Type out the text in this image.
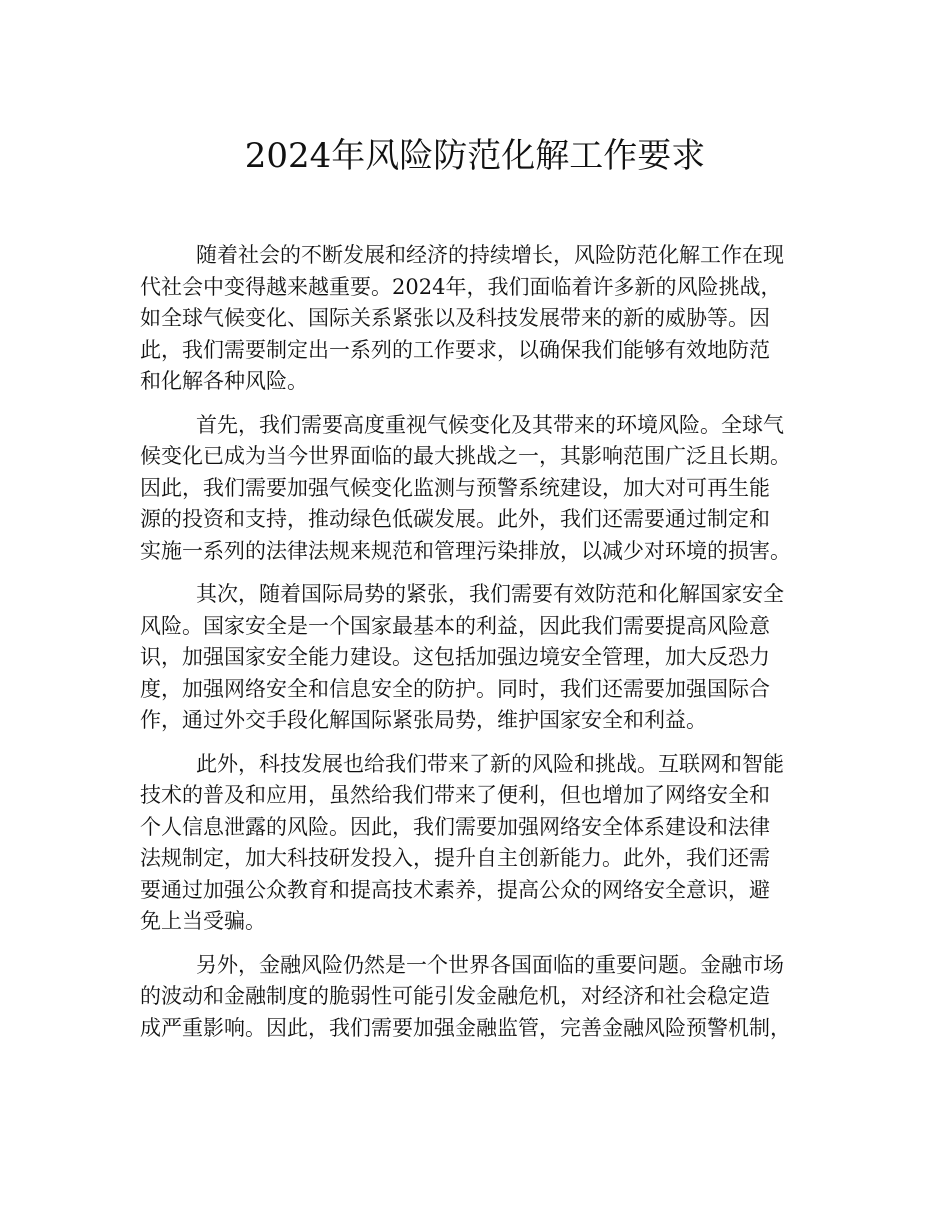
2024年风险防范化解工作要求

随着社会的不断发展和经济的持续增长，风险防范化解工作在现
代社会中变得越来越重要。2024年，我们面临着许多新的风险挑战，
如全球气候变化、国际关系紧张以及科技发展带来的新的威胁等。因
此，我们需要制定出一系列的工作要求，以确保我们能够有效地防范
和化解各种风险。

首先，我们需要高度重视气候变化及其带来的环境风险。全球气
候变化已成为当今世界面临的最大挑战之一，其影响范围广泛且长期。
因此，我们需要加强气候变化监测与预警系统建设，加大对可再生能
源的投资和支持，推动绿色低碳发展。此外，我们还需要通过制定和
实施一系列的法律法规来规范和管理污染排放，以减少对环境的损害。

其次，随着国际局势的紧张，我们需要有效防范和化解国家安全
风险。国家安全是一个国家最基本的利益，因此我们需要提高风险意
识，加强国家安全能力建设。这包括加强边境安全管理，加大反恐力
度，加强网络安全和信息安全的防护。同时，我们还需要加强国际合
作，通过外交手段化解国际紧张局势，维护国家安全和利益。

此外，科技发展也给我们带来了新的风险和挑战。互联网和智能
技术的普及和应用，虽然给我们带来了便利，但也增加了网络安全和
个人信息泄露的风险。因此，我们需要加强网络安全体系建设和法律
法规制定，加大科技研发投入，提升自主创新能力。此外，我们还需
要通过加强公众教育和提高技术素养，提高公众的网络安全意识，避
免上当受骗。

另外，金融风险仍然是一个世界各国面临的重要问题。金融市场
的波动和金融制度的脆弱性可能引发金融危机，对经济和社会稳定造
成严重影响。因此，我们需要加强金融监管，完善金融风险预警机制，
